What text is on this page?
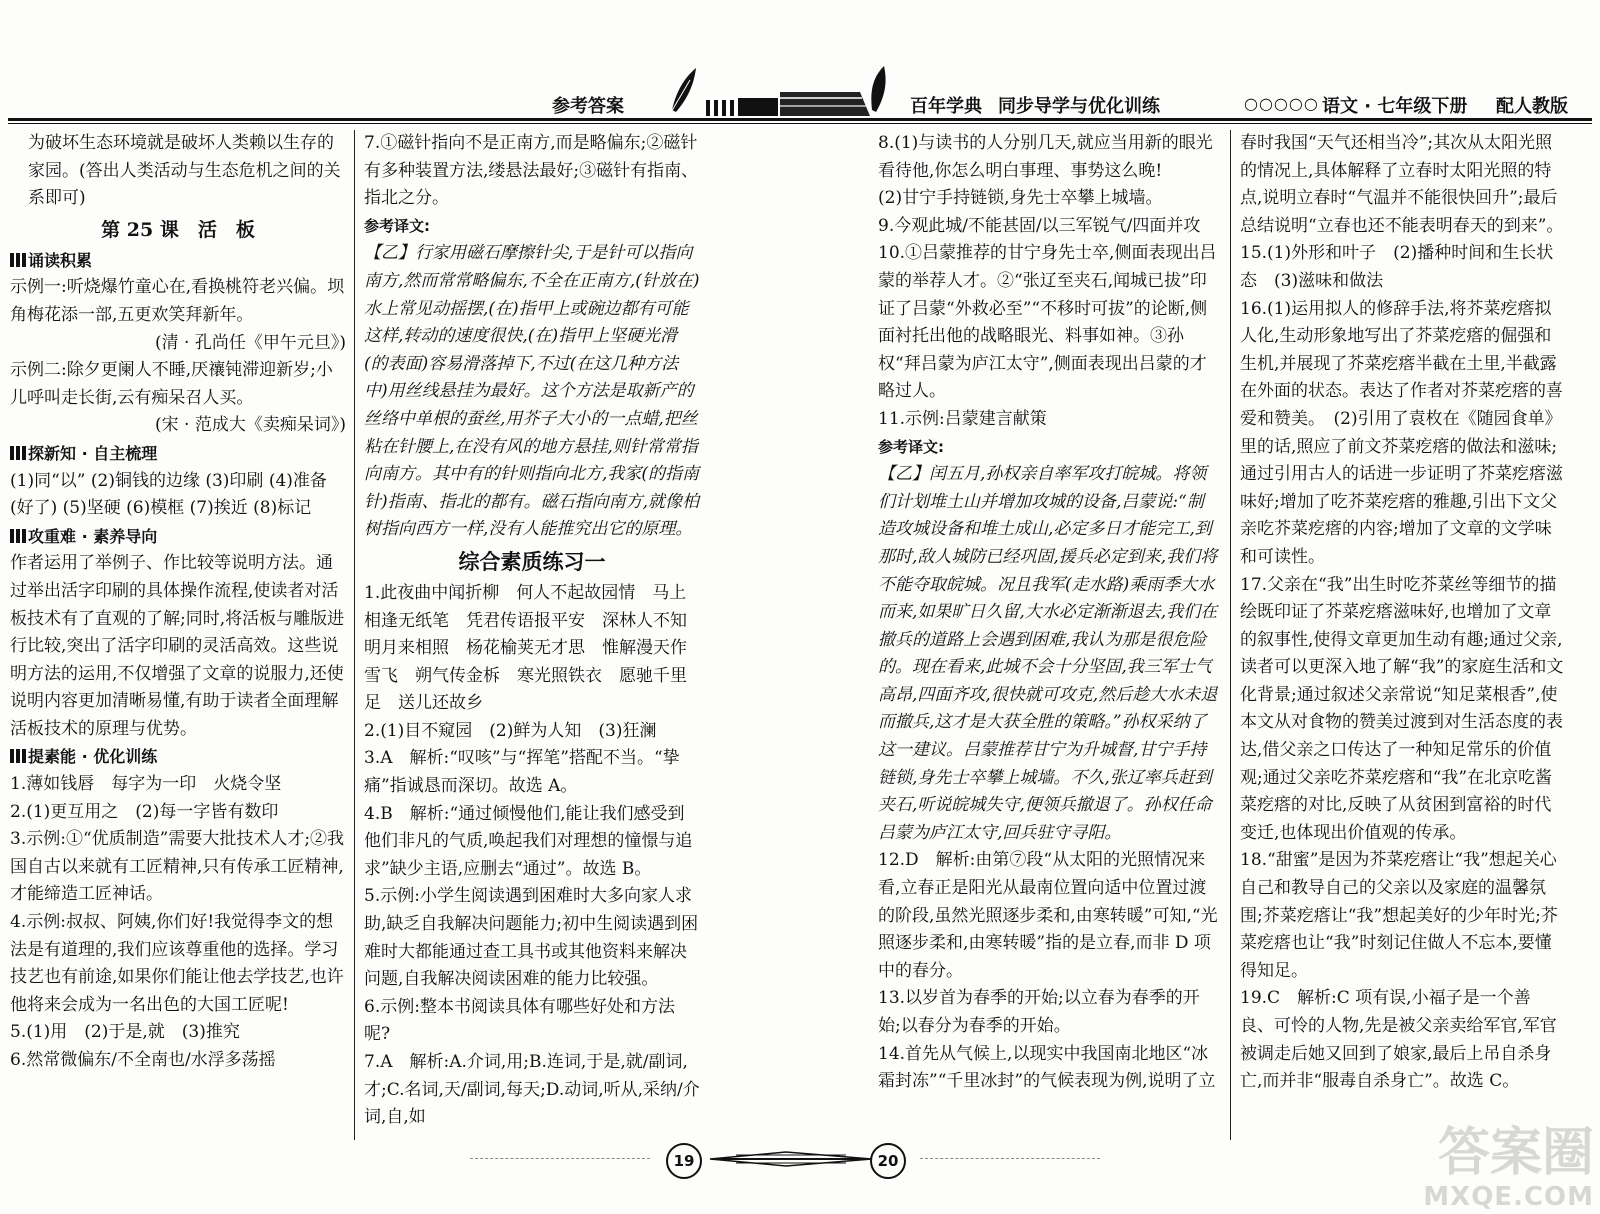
参考答案	百年学典 同步导学与优化训练	○○○○○ 语文 · 七年级下册 配人教版

为破坏生态环境就是破坏人类赖以生存的家园。(答出人类活动与生态危机之间的关系即可)

第 25 课　活　板

诵读积累

示例一:听烧爆竹童心在,看换桃符老兴偏。坝角梅花添一部,五更欢笑拜新年。

(清 · 孔尚任《甲午元旦》)

示例二:除夕更阑人不睡,厌禳钝滞迎新岁;小儿呼叫走长街,云有痴呆召人买。

(宋 · 范成大《卖痴呆词》)

探新知 · 自主梳理

(1)同“以” (2)铜钱的边缘 (3)印刷 (4)准备(好了) (5)坚硬 (6)模框 (7)挨近 (8)标记

攻重难 · 素养导向

作者运用了举例子、作比较等说明方法。通过举出活字印刷的具体操作流程,使读者对活板技术有了直观的了解;同时,将活板与雕版进行比较,突出了活字印刷的灵活高效。这些说明方法的运用,不仅增强了文章的说服力,还使说明内容更加清晰易懂,有助于读者全面理解活板技术的原理与优势。

提素能 · 优化训练

1.薄如钱唇　每字为一印　火烧令坚

2.(1)更互用之　(2)每一字皆有数印

3.示例:①“优质制造”需要大批技术人才;②我国自古以来就有工匠精神,只有传承工匠精神,才能缔造工匠神话。

4.示例:叔叔、阿姨,你们好!我觉得李文的想法是有道理的,我们应该尊重他的选择。学习技艺也有前途,如果你们能让他去学技艺,也许他将来会成为一名出色的大国工匠呢!

5.(1)用　(2)于是,就　(3)推究

6.然常微偏东/不全南也/水浮多荡摇

7.①磁针指向不是正南方,而是略偏东;②磁针有多种装置方法,缕悬法最好;③磁针有指南、指北之分。

参考译文:

【乙】行家用磁石摩擦针尖,于是针可以指向南方,然而常常略偏东,不全在正南方,(针放在)水上常见动摇摆,(在)指甲上或碗边都有可能这样,转动的速度很快,(在)指甲上坚硬光滑(的表面)容易滑落掉下,不过(在这几种方法中)用丝线悬挂为最好。这个方法是取新产的丝络中单根的蚕丝,用芥子大小的一点蜡,把丝粘在针腰上,在没有风的地方悬挂,则针常常指向南方。其中有的针则指向北方,我家(的指南针)指南、指北的都有。磁石指向南方,就像柏树指向西方一样,没有人能推究出它的原理。

综合素质练习一

1.此夜曲中闻折柳　何人不起故园情　马上相逢无纸笔　凭君传语报平安　深林人不知　明月来相照　杨花榆荚无才思　惟解漫天作雪飞　朔气传金柝　寒光照铁衣　愿驰千里足　送儿还故乡

2.(1)目不窥园　(2)鲜为人知　(3)狂澜

3.A　解析:“叹咳”与“挥笔”搭配不当。“挚痛”指诚恳而深切。故选 A。

4.B　解析:“通过倾慢他们,能让我们感受到他们非凡的气质,唤起我们对理想的憧憬与追求”缺少主语,应删去“通过”。故选 B。

5.示例:小学生阅读遇到困难时大多向家人求助,缺乏自我解决问题能力;初中生阅读遇到困难时大都能通过查工具书或其他资料来解决问题,自我解决阅读困难的能力比较强。

6.示例:整本书阅读具体有哪些好处和方法呢?

7.A　解析:A.介词,用;B.连词,于是,就/副词,才;C.名词,天/副词,每天;D.动词,听从,采纳/介词,自,如

8.(1)与读书的人分别几天,就应当用新的眼光看待他,你怎么明白事理、事势这么晚!

(2)甘宁手持链锁,身先士卒攀上城墙。

9.今观此城/不能甚固/以三军锐气/四面并攻

10.①吕蒙推荐的甘宁身先士卒,侧面表现出吕蒙的举荐人才。②“张辽至夹石,闻城已拔”印证了吕蒙“外救必至”“不移时可拔”的论断,侧面衬托出他的战略眼光、料事如神。③孙权“拜吕蒙为庐江太守”,侧面表现出吕蒙的才略过人。

11.示例:吕蒙建言献策

参考译文:

【乙】闰五月,孙权亲自率军攻打皖城。将领们计划堆土山并增加攻城的设备,吕蒙说:“制造攻城设备和堆土成山,必定多日才能完工,到那时,敌人城防已经巩固,援兵必定到来,我们将不能夺取皖城。况且我军(走水路)乘雨季大水而来,如果旷日久留,大水必定渐渐退去,我们在撤兵的道路上会遇到困难,我认为那是很危险的。现在看来,此城不会十分坚固,我三军士气高昂,四面齐攻,很快就可攻克,然后趁大水未退而撤兵,这才是大获全胜的策略。”孙权采纳了这一建议。吕蒙推荐甘宁为升城督,甘宁手持链锁,身先士卒攀上城墙。不久,张辽率兵赶到夹石,听说皖城失守,便领兵撤退了。孙权任命吕蒙为庐江太守,回兵驻守寻阳。

12.D　解析:由第⑦段“从太阳的光照情况来看,立春正是阳光从最南位置向适中位置过渡的阶段,虽然光照逐步柔和,由寒转暖”可知,“光照逐步柔和,由寒转暖”指的是立春,而非 D 项中的春分。

13.以岁首为春季的开始;以立春为春季的开始;以春分为春季的开始。

14.首先从气候上,以现实中我国南北地区“冰霜封冻”“千里冰封”的气候表现为例,说明了立

春时我国“天气还相当冷”;其次从太阳光照的情况上,具体解释了立春时太阳光照的特点,说明立春时“气温并不能很快回升”;最后总结说明“立春也还不能表明春天的到来”。

15.(1)外形和叶子　(2)播种时间和生长状态　(3)滋味和做法

16.(1)运用拟人的修辞手法,将芥菜疙瘩拟人化,生动形象地写出了芥菜疙瘩的倔强和生机,并展现了芥菜疙瘩半截在土里,半截露在外面的状态。表达了作者对芥菜疙瘩的喜爱和赞美。　(2)引用了袁枚在《随园食单》里的话,照应了前文芥菜疙瘩的做法和滋味;通过引用古人的话进一步证明了芥菜疙瘩滋味好;增加了吃芥菜疙瘩的雅趣,引出下文父亲吃芥菜疙瘩的内容;增加了文章的文学味和可读性。

17.父亲在“我”出生时吃芥菜丝等细节的描绘既印证了芥菜疙瘩滋味好,也增加了文章的叙事性,使得文章更加生动有趣;通过父亲,读者可以更深入地了解“我”的家庭生活和文化背景;通过叙述父亲常说“知足菜根香”,使本文从对食物的赞美过渡到对生活态度的表达,借父亲之口传达了一种知足常乐的价值观;通过父亲吃芥菜疙瘩和“我”在北京吃酱菜疙瘩的对比,反映了从贫困到富裕的时代变迁,也体现出价值观的传承。

18.“甜蜜”是因为芥菜疙瘩让“我”想起关心自己和教导自己的父亲以及家庭的温馨氛围;芥菜疙瘩让“我”想起美好的少年时光;芥菜疙瘩也让“我”时刻记住做人不忘本,要懂得知足。

19.C　解析:C 项有误,小福子是一个善良、可怜的人物,先是被父亲卖给军官,军官被调走后她又回到了娘家,最后上吊自杀身亡,而并非“服毒自杀身亡”。故选 C。

19	20	答案圈
MXQE.COM
